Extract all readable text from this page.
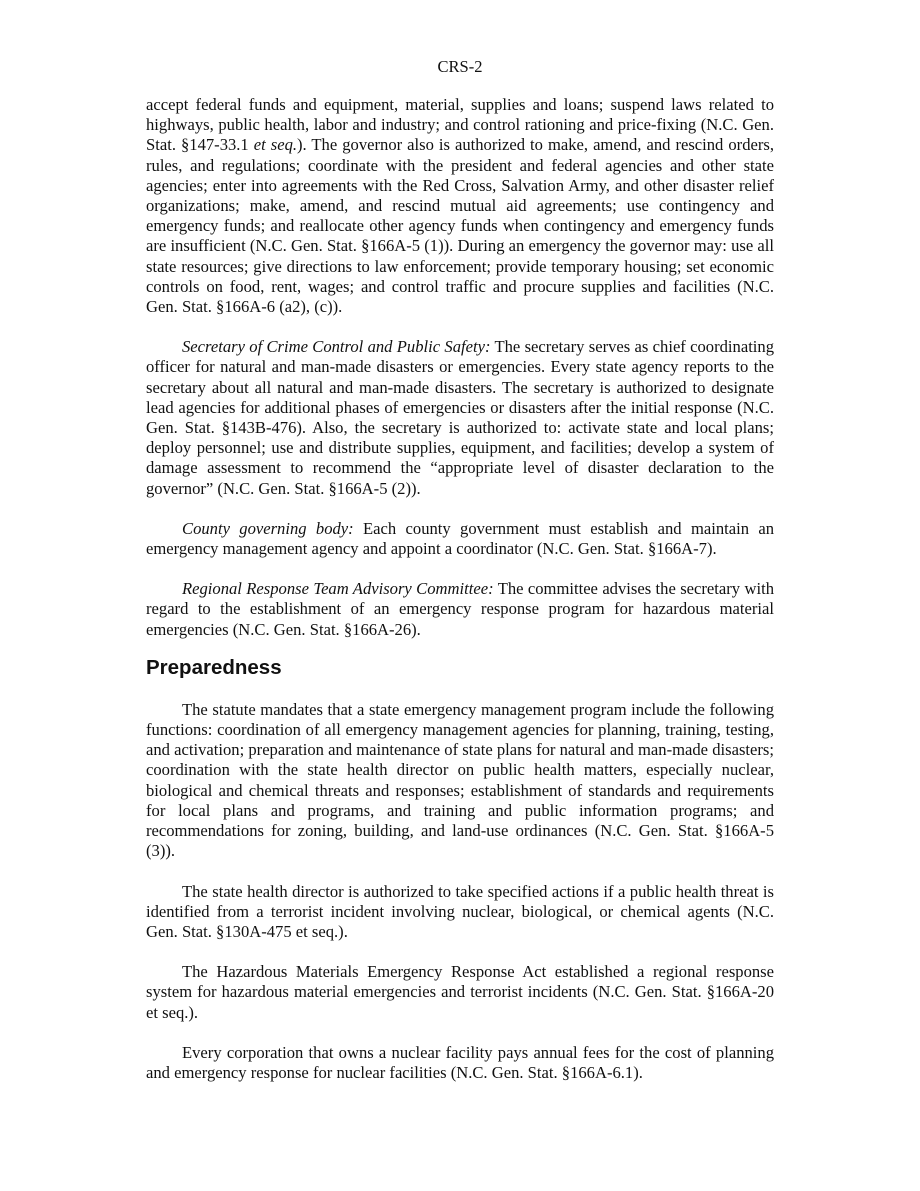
CRS-2

accept federal funds and equipment, material, supplies and loans; suspend laws related to highways, public health, labor and industry; and control rationing and price-fixing (N.C. Gen. Stat. §147-33.1 et seq.). The governor also is authorized to make, amend, and rescind orders, rules, and regulations; coordinate with the president and federal agencies and other state agencies; enter into agreements with the Red Cross, Salvation Army, and other disaster relief organizations; make, amend, and rescind mutual aid agreements; use contingency and emergency funds; and reallocate other agency funds when contingency and emergency funds are insufficient (N.C. Gen. Stat. §166A-5 (1)). During an emergency the governor may: use all state resources; give directions to law enforcement; provide temporary housing; set economic controls on food, rent, wages; and control traffic and procure supplies and facilities (N.C. Gen. Stat. §166A-6 (a2), (c)).

Secretary of Crime Control and Public Safety: The secretary serves as chief coordinating officer for natural and man-made disasters or emergencies. Every state agency reports to the secretary about all natural and man-made disasters. The secretary is authorized to designate lead agencies for additional phases of emergencies or disasters after the initial response (N.C. Gen. Stat. §143B-476). Also, the secretary is authorized to: activate state and local plans; deploy personnel; use and distribute supplies, equipment, and facilities; develop a system of damage assessment to recommend the “appropriate level of disaster declaration to the governor” (N.C. Gen. Stat. §166A-5 (2)).

County governing body: Each county government must establish and maintain an emergency management agency and appoint a coordinator (N.C. Gen. Stat. §166A-7).

Regional Response Team Advisory Committee: The committee advises the secretary with regard to the establishment of an emergency response program for hazardous material emergencies (N.C. Gen. Stat. §166A-26).

Preparedness

The statute mandates that a state emergency management program include the following functions: coordination of all emergency management agencies for planning, training, testing, and activation; preparation and maintenance of state plans for natural and man-made disasters; coordination with the state health director on public health matters, especially nuclear, biological and chemical threats and responses; establishment of standards and requirements for local plans and programs, and training and public information programs; and recommendations for zoning, building, and land-use ordinances (N.C. Gen. Stat. §166A-5 (3)).

The state health director is authorized to take specified actions if a public health threat is identified from a terrorist incident involving nuclear, biological, or chemical agents (N.C. Gen. Stat. §130A-475 et seq.).

The Hazardous Materials Emergency Response Act established a regional response system for hazardous material emergencies and terrorist incidents (N.C. Gen. Stat. §166A-20 et seq.).

Every corporation that owns a nuclear facility pays annual fees for the cost of planning and emergency response for nuclear facilities (N.C. Gen. Stat. §166A-6.1).
